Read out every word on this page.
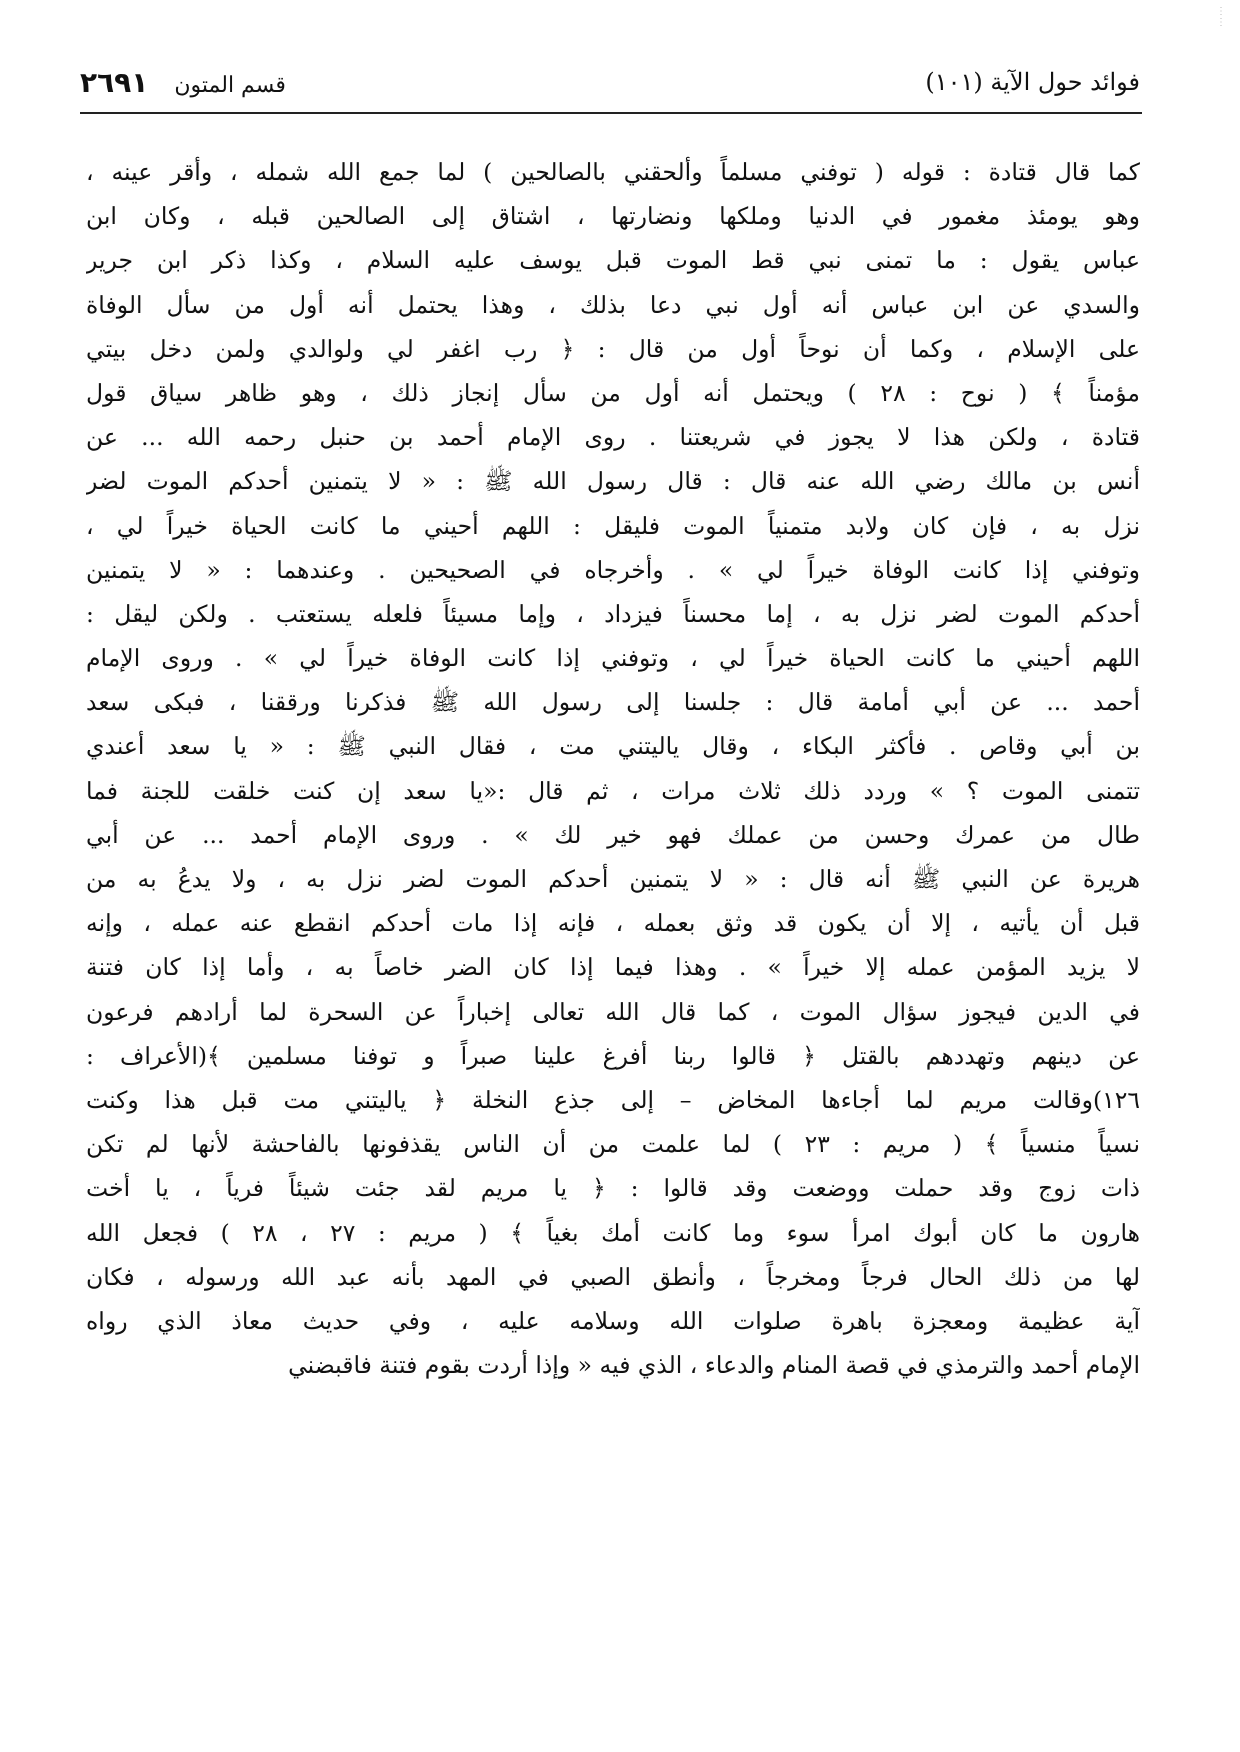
⋮ ⋮
فوائد حول الآية (١٠١)
قسم المتون
٢٦٩١
كما قال قتادة : قوله ( توفني مسلماً وألحقني بالصالحين ) لما جمع الله شمله ، وأقر عينه ،
وهو يومئذ مغمور في الدنيا وملكها ونضارتها ، اشتاق إلى الصالحين قبله ، وكان ابن
عباس يقول : ما تمنى نبي قط الموت قبل يوسف عليه السلام ، وكذا ذكر ابن جرير
والسدي عن ابن عباس أنه أول نبي دعا بذلك ، وهذا يحتمل أنه أول من سأل الوفاة
على الإسلام ، وكما أن نوحاً أول من قال : ﴿ رب اغفر لي ولوالدي ولمن دخل بيتي
مؤمناً ﴾ ( نوح : ٢٨ ) ويحتمل أنه أول من سأل إنجاز ذلك ، وهو ظاهر سياق قول
قتادة ، ولكن هذا لا يجوز في شريعتنا . روى الإمام أحمد بن حنبل رحمه الله ... عن
أنس بن مالك رضي الله عنه قال : قال رسول الله ﷺ : « لا يتمنين أحدكم الموت لضر
نزل به ، فإن كان ولابد متمنياً الموت فليقل : اللهم أحيني ما كانت الحياة خيراً لي ،
وتوفني إذا كانت الوفاة خيراً لي » . وأخرجاه في الصحيحين . وعندهما : « لا يتمنين
أحدكم الموت لضر نزل به ، إما محسناً فيزداد ، وإما مسيئاً فلعله يستعتب . ولكن ليقل :
اللهم أحيني ما كانت الحياة خيراً لي ، وتوفني إذا كانت الوفاة خيراً لي » . وروى الإمام
أحمد ... عن أبي أمامة قال : جلسنا إلى رسول الله ﷺ فذكرنا ورققنا ، فبكى سعد
بن أبي وقاص . فأكثر البكاء ، وقال ياليتني مت ، فقال النبي ﷺ : « يا سعد أعندي
تتمنى الموت ؟ » وردد ذلك ثلاث مرات ، ثم قال :«يا سعد إن كنت خلقت للجنة فما
طال من عمرك وحسن من عملك فهو خير لك » . وروى الإمام أحمد ... عن أبي
هريرة عن النبي ﷺ أنه قال : « لا يتمنين أحدكم الموت لضر نزل به ، ولا يدعُ به من
قبل أن يأتيه ، إلا أن يكون قد وثق بعمله ، فإنه إذا مات أحدكم انقطع عنه عمله ، وإنه
لا يزيد المؤمن عمله إلا خيراً » . وهذا فيما إذا كان الضر خاصاً به ، وأما إذا كان فتنة
في الدين فيجوز سؤال الموت ، كما قال الله تعالى إخباراً عن السحرة لما أرادهم فرعون
عن دينهم وتهددهم بالقتل ﴿ قالوا ربنا أفرغ علينا صبراً و توفنا مسلمين ﴾(الأعراف :
١٢٦)وقالت مريم لما أجاءها المخاض – إلى جذع النخلة ﴿ ياليتني مت قبل هذا وكنت
نسياً منسياً ﴾ ( مريم : ٢٣ ) لما علمت من أن الناس يقذفونها بالفاحشة لأنها لم تكن
ذات زوج وقد حملت ووضعت وقد قالوا : ﴿ يا مريم لقد جئت شيئاً فرياً ، يا أخت
هارون ما كان أبوك امرأ سوء وما كانت أمك بغياً ﴾ ( مريم : ٢٧ ، ٢٨ ) فجعل الله
لها من ذلك الحال فرجاً ومخرجاً ، وأنطق الصبي في المهد بأنه عبد الله ورسوله ، فكان
آية عظيمة ومعجزة باهرة صلوات الله وسلامه عليه ، وفي حديث معاذ الذي رواه
الإمام أحمد والترمذي في قصة المنام والدعاء ، الذي فيه « وإذا أردت بقوم فتنة فاقبضني
